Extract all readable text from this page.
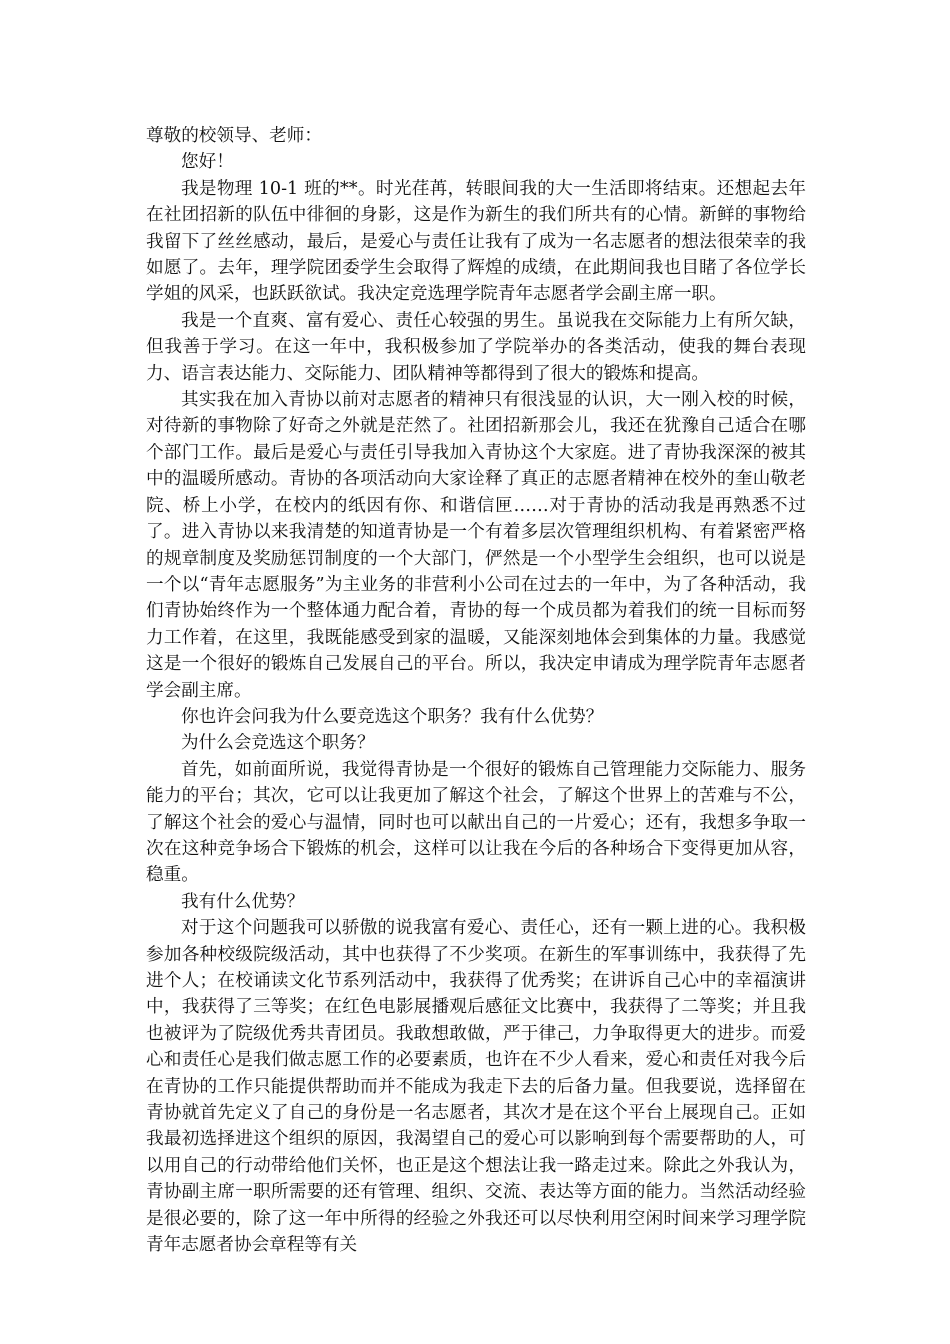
尊敬的校领导、老师：

您好！

我是物理 10-1 班的**。时光荏苒，转眼间我的大一生活即将结束。还想起去年在社团招新的队伍中徘徊的身影，这是作为新生的我们所共有的心情。新鲜的事物给我留下了丝丝感动，最后，是爱心与责任让我有了成为一名志愿者的想法很荣幸的我如愿了。去年，理学院团委学生会取得了辉煌的成绩，在此期间我也目睹了各位学长学姐的风采，也跃跃欲试。我决定竞选理学院青年志愿者学会副主席一职。

我是一个直爽、富有爱心、责任心较强的男生。虽说我在交际能力上有所欠缺，但我善于学习。在这一年中，我积极参加了学院举办的各类活动，使我的舞台表现力、语言表达能力、交际能力、团队精神等都得到了很大的锻炼和提高。

其实我在加入青协以前对志愿者的精神只有很浅显的认识，大一刚入校的时候，对待新的事物除了好奇之外就是茫然了。社团招新那会儿，我还在犹豫自己适合在哪个部门工作。最后是爱心与责任引导我加入青协这个大家庭。进了青协我深深的被其中的温暖所感动。青协的各项活动向大家诠释了真正的志愿者精神在校外的奎山敬老院、桥上小学，在校内的纸因有你、和谐信匣……对于青协的活动我是再熟悉不过了。进入青协以来我清楚的知道青协是一个有着多层次管理组织机构、有着紧密严格的规章制度及奖励惩罚制度的一个大部门，俨然是一个小型学生会组织，也可以说是一个以“青年志愿服务”为主业务的非营利小公司在过去的一年中，为了各种活动，我们青协始终作为一个整体通力配合着，青协的每一个成员都为着我们的统一目标而努力工作着，在这里，我既能感受到家的温暖，又能深刻地体会到集体的力量。我感觉这是一个很好的锻炼自己发展自己的平台。所以，我决定申请成为理学院青年志愿者学会副主席。

你也许会问我为什么要竞选这个职务？我有什么优势？

为什么会竞选这个职务？

首先，如前面所说，我觉得青协是一个很好的锻炼自己管理能力交际能力、服务能力的平台；其次，它可以让我更加了解这个社会，了解这个世界上的苦难与不公，了解这个社会的爱心与温情，同时也可以献出自己的一片爱心；还有，我想多争取一次在这种竞争场合下锻炼的机会，这样可以让我在今后的各种场合下变得更加从容，稳重。

我有什么优势？

对于这个问题我可以骄傲的说我富有爱心、责任心，还有一颗上进的心。我积极参加各种校级院级活动，其中也获得了不少奖项。在新生的军事训练中，我获得了先进个人；在校诵读文化节系列活动中，我获得了优秀奖；在讲诉自己心中的幸福演讲中，我获得了三等奖；在红色电影展播观后感征文比赛中，我获得了二等奖；并且我也被评为了院级优秀共青团员。我敢想敢做，严于律己，力争取得更大的进步。而爱心和责任心是我们做志愿工作的必要素质，也许在不少人看来，爱心和责任对我今后在青协的工作只能提供帮助而并不能成为我走下去的后备力量。但我要说，选择留在青协就首先定义了自己的身份是一名志愿者，其次才是在这个平台上展现自己。正如我最初选择进这个组织的原因，我渴望自己的爱心可以影响到每个需要帮助的人，可以用自己的行动带给他们关怀，也正是这个想法让我一路走过来。除此之外我认为，青协副主席一职所需要的还有管理、组织、交流、表达等方面的能力。当然活动经验是很必要的，除了这一年中所得的经验之外我还可以尽快利用空闲时间来学习理学院青年志愿者协会章程等有关
